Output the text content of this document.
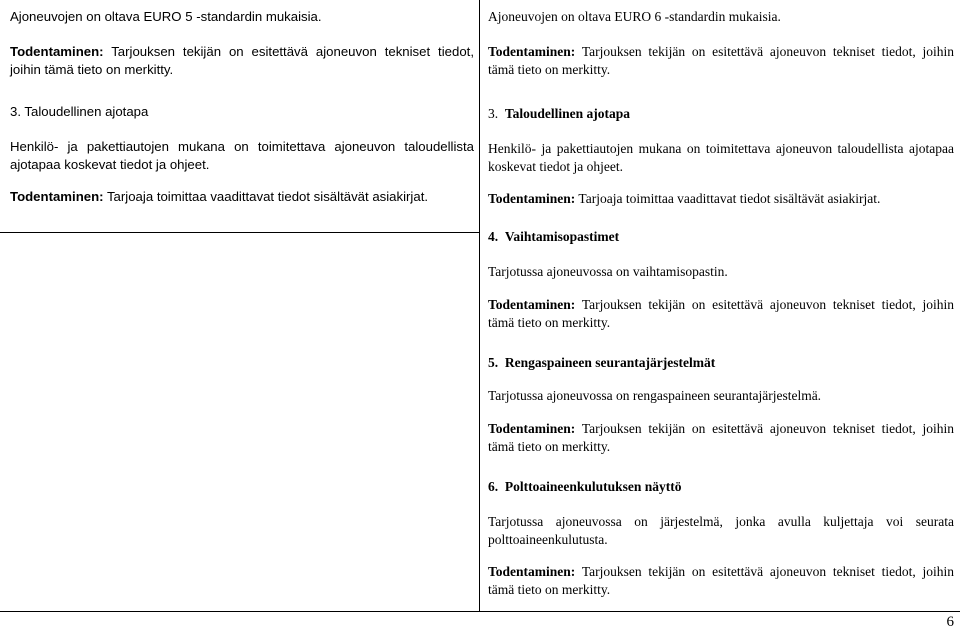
Ajoneuvojen on oltava EURO 5 -standardin mukaisia.

Todentaminen: Tarjouksen tekijän on esitettävä ajoneuvon tekniset tiedot, joihin tämä tieto on merkitty.

3. Taloudellinen ajotapa

Henkilö- ja pakettiautojen mukana on toimitettava ajoneuvon taloudellista ajotapaa koskevat tiedot ja ohjeet.

Todentaminen: Tarjoaja toimittaa vaadittavat tiedot sisältävät asiakirjat.

Ajoneuvojen on oltava EURO 6 -standardin mukaisia.

Todentaminen: Tarjouksen tekijän on esitettävä ajoneuvon tekniset tiedot, joihin tämä tieto on merkitty.

3. Taloudellinen ajotapa

Henkilö- ja pakettiautojen mukana on toimitettava ajoneuvon taloudellista ajotapaa koskevat tiedot ja ohjeet.

Todentaminen: Tarjoaja toimittaa vaadittavat tiedot sisältävät asiakirjat.

4. Vaihtamisopastimet

Tarjotussa ajoneuvossa on vaihtamisopastin.

Todentaminen: Tarjouksen tekijän on esitettävä ajoneuvon tekniset tiedot, joihin tämä tieto on merkitty.

5. Rengaspaineen seurantajärjestelmät

Tarjotussa ajoneuvossa on rengaspaineen seurantajärjestelmä.

Todentaminen: Tarjouksen tekijän on esitettävä ajoneuvon tekniset tiedot, joihin tämä tieto on merkitty.

6. Polttoaineenkulutuksen näyttö

Tarjotussa ajoneuvossa on järjestelmä, jonka avulla kuljettaja voi seurata polttoaineenkulutusta.

Todentaminen: Tarjouksen tekijän on esitettävä ajoneuvon tekniset tiedot, joihin tämä tieto on merkitty.

6
